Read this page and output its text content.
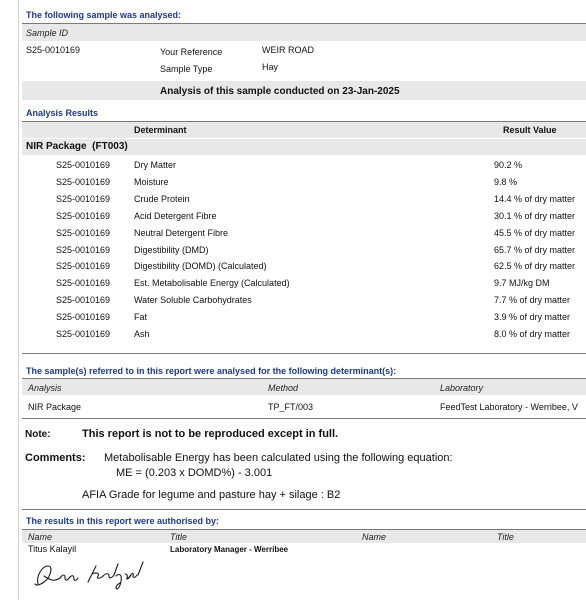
The following sample was analysed:
Sample ID
S25-0010169	Your Reference	WEIR ROAD
Sample Type	Hay
Analysis of this sample conducted on 23-Jan-2025
Analysis Results
Determinant	Result Value
NIR Package  (FT003)
S25-0010169	Dry Matter	90.2 %
S25-0010169	Moisture	9.8 %
S25-0010169	Crude Protein	14.4 % of dry matter
S25-0010169	Acid Detergent Fibre	30.1 % of dry matter
S25-0010169	Neutral Detergent Fibre	45.5 % of dry matter
S25-0010169	Digestibility (DMD)	65.7 % of dry matter
S25-0010169	Digestibility (DOMD) (Calculated)	62.5 % of dry matter
S25-0010169	Est. Metabolisable Energy (Calculated)	9.7 MJ/kg DM
S25-0010169	Water Soluble Carbohydrates	7.7 % of dry matter
S25-0010169	Fat	3.9 % of dry matter
S25-0010169	Ash	8.0 % of dry matter
The sample(s) referred to in this report were analysed for the following determinant(s):
Analysis	Method	Laboratory
NIR Package	TP_FT/003	FeedTest Laboratory - Werribee, V
Note:	This report is not to be reproduced except in full.
Comments: Metabolisable Energy has been calculated using the following equation:
ME = (0.203 x DOMD%) - 3.001
AFIA Grade for legume and pasture hay + silage : B2
The results in this report were authorised by:
Name	Title	Name	Title
Titus Kalayil	Laboratory Manager - Werribee
